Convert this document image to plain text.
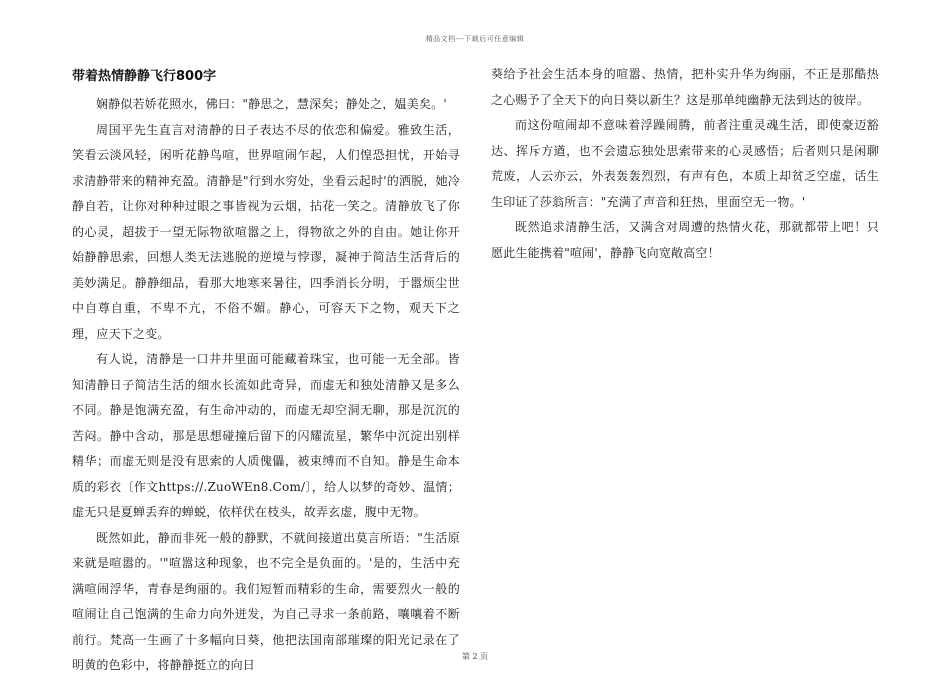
精品文档---下载后可任意编辑
带着热情静静飞行800字

娴静似若娇花照水，佛曰："静思之，慧深矣；静处之，媪美矣。'

周国平先生直言对清静的日子表达不尽的依恋和偏爱。雅致生活，笑看云淡风轻，闲听花静鸟喧，世界喧闹乍起，人们惶恐担忧，开始寻求清静带来的精神充盈。清静是"行到水穷处，坐看云起时'的洒脱，她冷静自若，让你对种种过眼之事皆视为云烟，拈花一笑之。清静放飞了你的心灵，超拔于一望无际物欲喧嚣之上，得物欲之外的自由。她让你开始静静思索，回想人类无法逃脱的逆境与悖谬，凝神于简洁生活背后的美妙满足。静静细品，看那大地寒来暑往，四季消长分明，于嚣烦尘世中自尊自重，不卑不亢，不俗不媚。静心，可容天下之物，观天下之理，应天下之变。

有人说，清静是一口井井里面可能藏着珠宝，也可能一无全部。皆知清静日子简洁生活的细水长流如此奇异，而虚无和独处清静又是多么不同。静是饱满充盈，有生命冲动的，而虚无却空洞无聊，那是沉沉的苦闷。静中含动，那是思想碰撞后留下的闪耀流星，繁华中沉淀出别样精华；而虚无则是没有思索的人质傀儡，被束缚而不自知。静是生命本质的彩衣〔作文https://.ZuoWEn8.Com/〕，给人以梦的奇妙、温情；虚无只是夏蝉丢弃的蝉蜕，依样伏在枝头，故弄玄虚，腹中无物。

既然如此，静而非死一般的静默，不就间接道出莫言所语："生活原来就是喧嚣的。'"喧嚣这种现象，也不完全是负面的。'是的，生活中充满喧闹浮华，青春是绚丽的。我们短暂而精彩的生命，需要烈火一般的喧闹让自己饱满的生命力向外迸发，为自己寻求一条前路，嚷嚷着不断前行。梵高一生画了十多幅向日葵，他把法国南部璀璨的阳光记录在了明黄的色彩中，将静静挺立的向日

葵给予社会生活本身的喧嚣、热情，把朴实升华为绚丽，不正是那酷热之心赐予了全天下的向日葵以新生？这是那单纯幽静无法到达的彼岸。

而这份喧闹却不意味着浮躁闹腾，前者注重灵魂生活，即使豪迈豁达、挥斥方遒，也不会遗忘独处思索带来的心灵感悟；后者则只是闲聊荒废，人云亦云，外表轰轰烈烈，有声有色，本质上却贫乏空虚，话生生印证了莎翁所言："充满了声音和狂热，里面空无一物。'

既然追求清静生活，又满含对周遭的热情火花，那就都带上吧！只愿此生能携着"喧闹'，静静飞向宽敞高空！

第 2 页
